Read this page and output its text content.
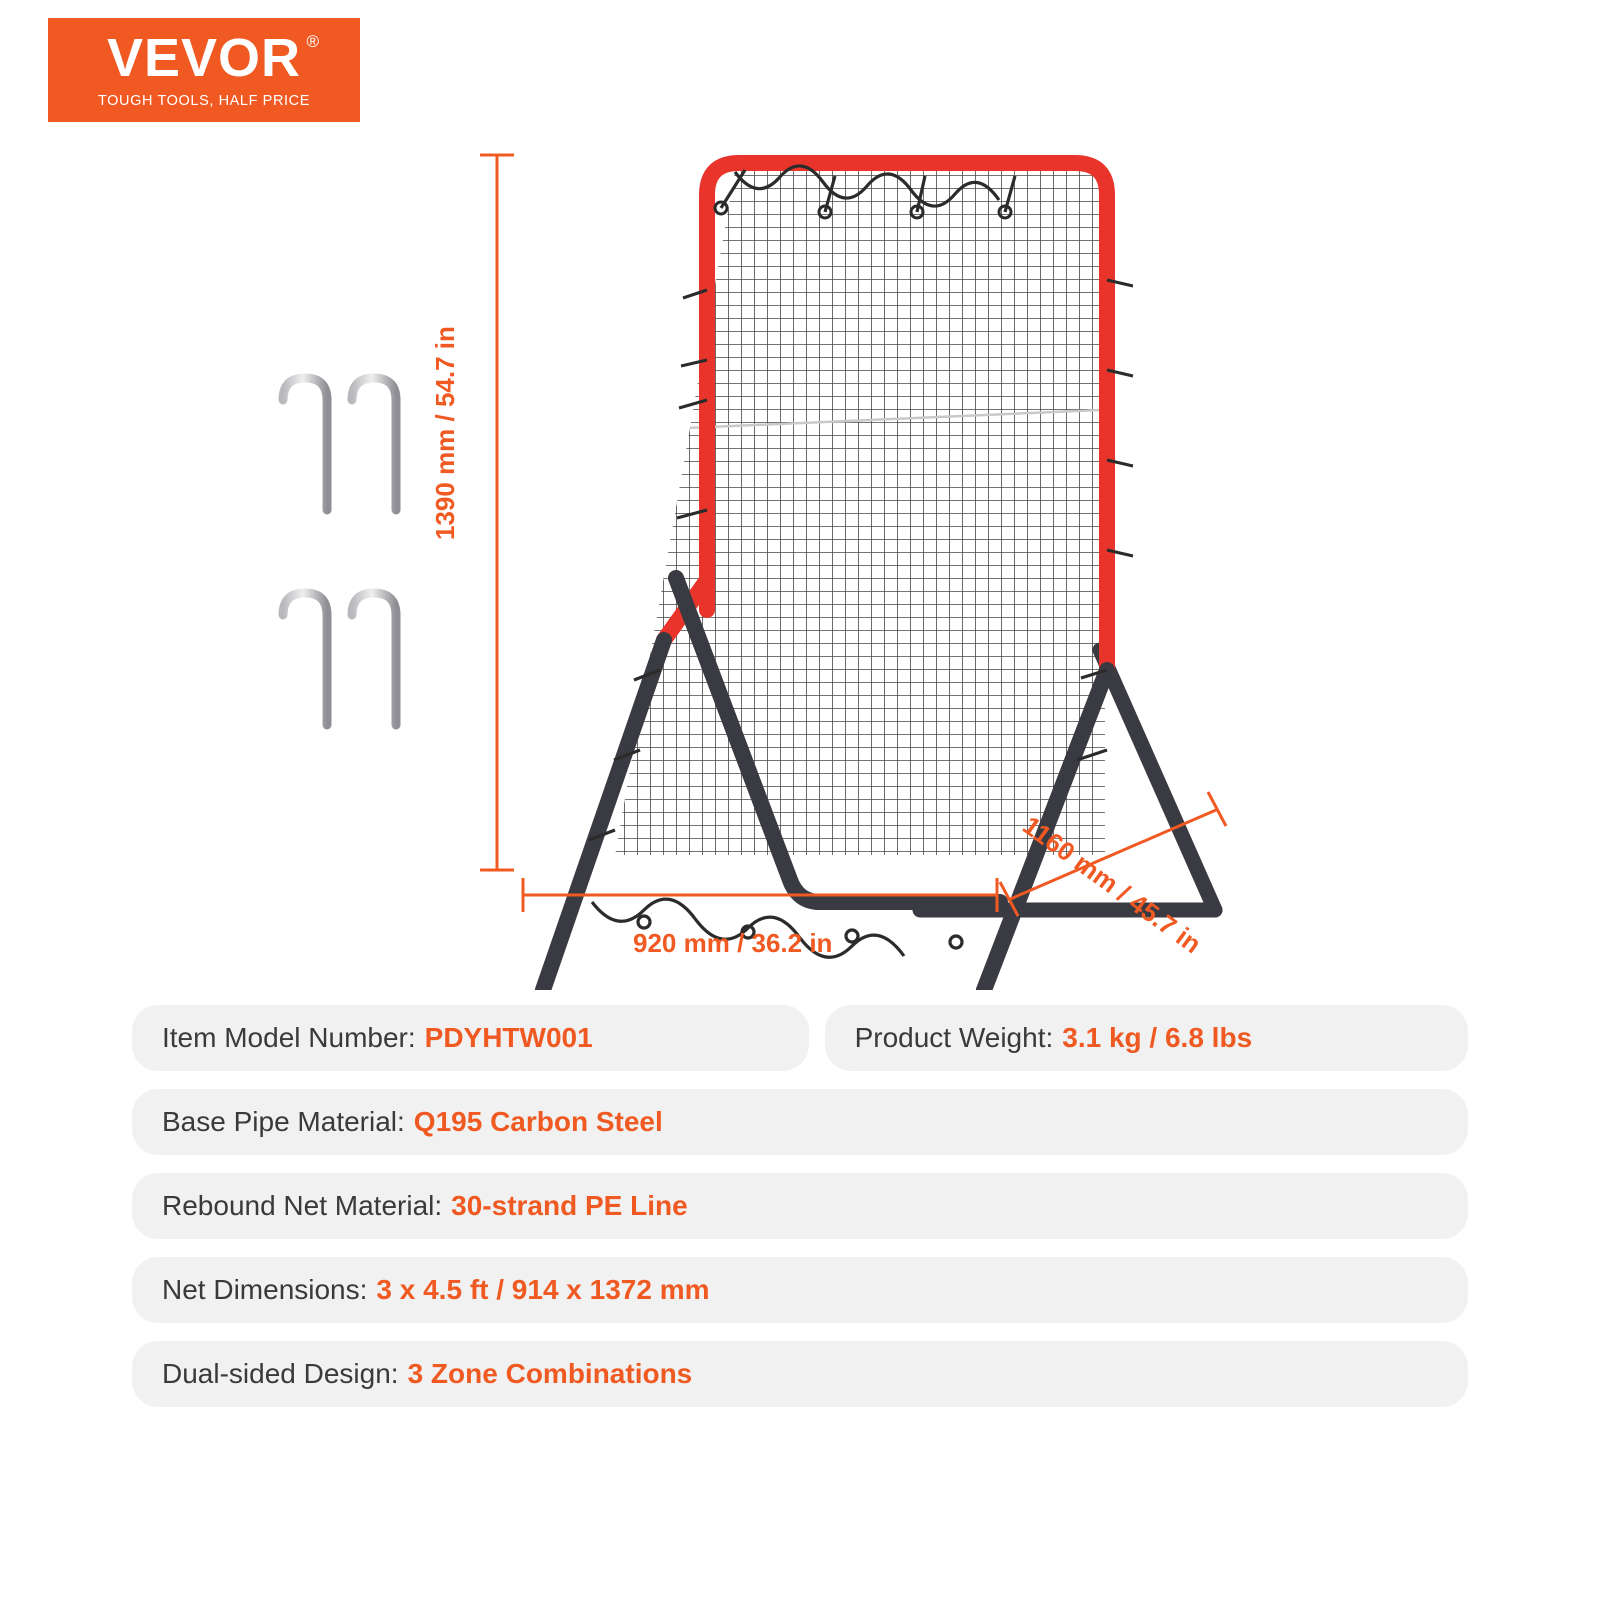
VEVOR ®
TOUGH TOOLS, HALF PRICE
1390 mm / 54.7 in
920 mm / 36.2 in	1160 mm / 45.7 in
Item Model Number: PDYHTW001	Product Weight: 3.1 kg / 6.8 lbs
Base Pipe Material: Q195 Carbon Steel
Rebound Net Material: 30-strand PE Line
Net Dimensions: 3 x 4.5 ft / 914 x 1372 mm
Dual-sided Design: 3 Zone Combinations
